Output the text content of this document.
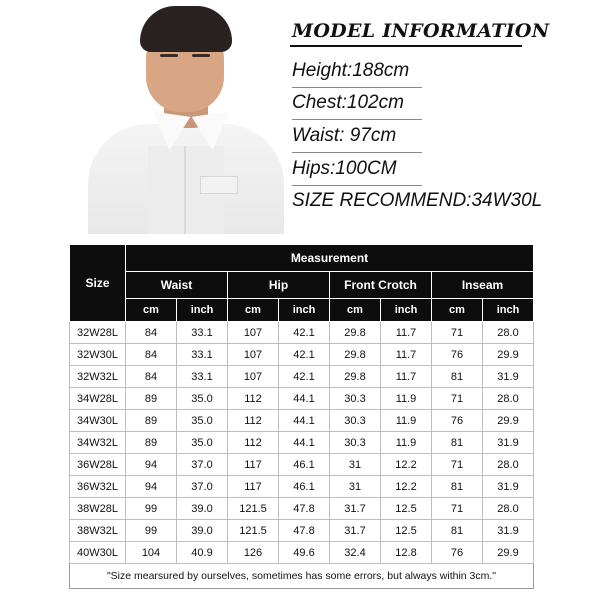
MODEL INFORMATION
Height:188cm
Chest:102cm
Waist: 97cm
Hips:100CM
SIZE RECOMMEND:34W30L
Size	Measurement							
	Waist		Hip		Front Crotch		Inseam	
	cm	inch	cm	inch	cm	inch	cm	inch
32W28L	84	33.1	107	42.1	29.8	11.7	71	28.0
32W30L	84	33.1	107	42.1	29.8	11.7	76	29.9
32W32L	84	33.1	107	42.1	29.8	11.7	81	31.9
34W28L	89	35.0	112	44.1	30.3	11.9	71	28.0
34W30L	89	35.0	112	44.1	30.3	11.9	76	29.9
34W32L	89	35.0	112	44.1	30.3	11.9	81	31.9
36W28L	94	37.0	117	46.1	31	12.2	71	28.0
36W32L	94	37.0	117	46.1	31	12.2	81	31.9
38W28L	99	39.0	121.5	47.8	31.7	12.5	71	28.0
38W32L	99	39.0	121.5	47.8	31.7	12.5	81	31.9
40W30L	104	40.9	126	49.6	32.4	12.8	76	29.9
"Size mearsured by ourselves, sometimes has some errors, but always within 3cm."								
